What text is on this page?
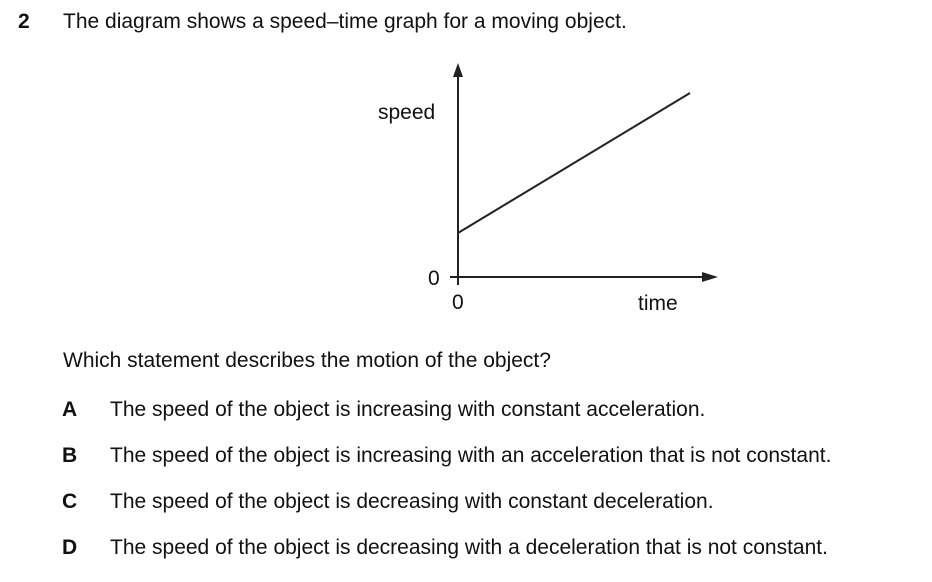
2 The diagram shows a speed–time graph for a moving object.
speed
time
0
0
Which statement describes the motion of the object?
A The speed of the object is increasing with constant acceleration.
B The speed of the object is increasing with an acceleration that is not constant.
C The speed of the object is decreasing with constant deceleration.
D The speed of the object is decreasing with a deceleration that is not constant.
